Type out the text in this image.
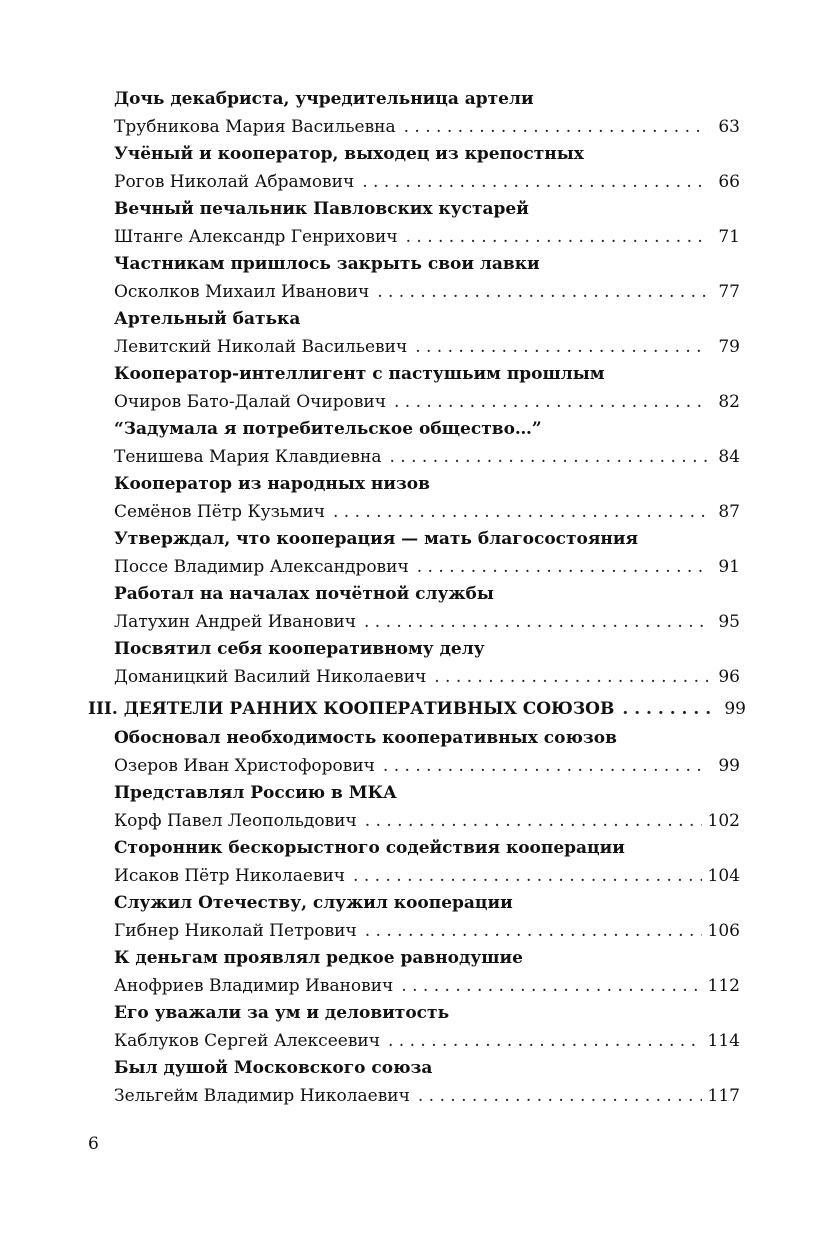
Дочь декабриста, учредительница артели
Трубникова Мария Васильевна . . .	63
Учёный и кооператор, выходец из крепостных
Рогов Николай Абрамович . . .	66
Вечный печальник Павловских кустарей
Штанге Александр Генрихович . . .	71
Частникам пришлось закрыть свои лавки
Осколков Михаил Иванович . . .	77
Артельный батька
Левитский Николай Васильевич . . .	79
Кооператор-интеллигент с пастушьим прошлым
Очиров Бато-Далай Очирович . . .	82
“Задумала я потребительское общество…”
Тенишева Мария Клавдиевна . . .	84
Кооператор из народных низов
Семёнов Пётр Кузьмич . . .	87
Утверждал, что кооперация — мать благосостояния
Поссе Владимир Александрович . . .	91
Работал на началах почётной службы
Латухин Андрей Иванович . . .	95
Посвятил себя кооперативному делу
Доманицкий Василий Николаевич . . .	96
III. ДЕЯТЕЛИ РАННИХ КООПЕРАТИВНЫХ СОЮЗОВ . . .	99
Обосновал необходимость кооперативных союзов
Озеров Иван Христофорович . . .	99
Представлял Россию в МКА
Корф Павел Леопольдович . . .	102
Сторонник бескорыстного содействия кооперации
Исаков Пётр Николаевич . . .	104
Служил Отечеству, служил кооперации
Гибнер Николай Петрович . . .	106
К деньгам проявлял редкое равнодушие
Анофриев Владимир Иванович . . .	112
Его уважали за ум и деловитость
Каблуков Сергей Алексеевич . . .	114
Был душой Московского союза
Зельгейм Владимир Николаевич . . .	117
6
